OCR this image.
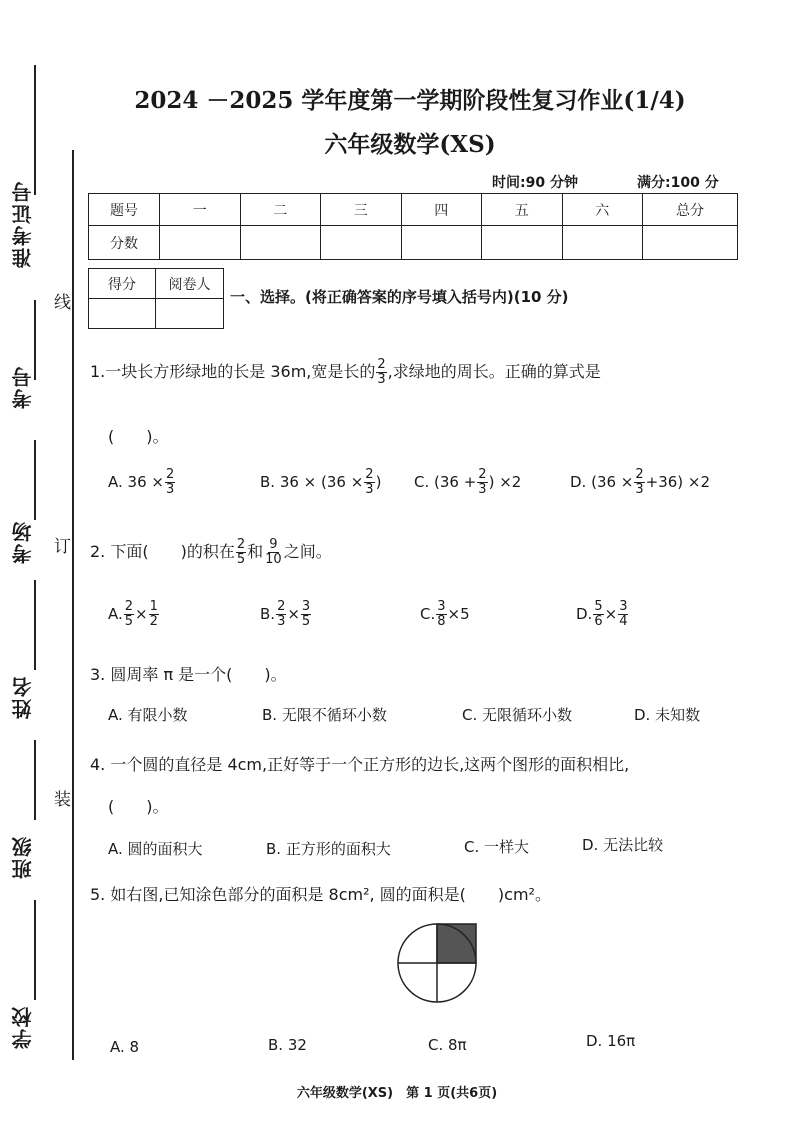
准考证号
考号
考场
姓名
班级
学校
线
订
装
2024 －2025 学年度第一学期阶段性复习作业(1/4)
六年级数学(XS)
时间:90 分钟	满分:100 分
题号	一	二	三	四	五	六	总分
分数							
得分	阅卷人

一、选择。(将正确答案的序号填入括号内)(10 分)
1.一块长方形绿地的长是 36m,宽是长的 $\frac{2}{3}$ ,求绿地的周长。正确的算式是
(　　)。
A. $36 \times \frac{2}{3}$	B. $36 \times (36 \times \frac{2}{3}$ ) C. ($36 + \frac{2}{3}$ ) ×2	D. $(36 \times \frac{2}{3} +36) \times 2$
2. 下面(　　)的积在 $\frac{2}{5}$ 和 $\frac{9}{10}$ 之间。
A. $\frac{2}{5} \times \frac{1}{2}$	B. $\frac{2}{3} \times \frac{3}{5}$	C. $\frac{3}{8} \times 5$	D. $\frac{5}{6} \times \frac{3}{4}$
3. 圆周率 π 是一个(　　)。
A. 有限小数	B. 无限不循环小数	C. 无限循环小数	D. 未知数
4. 一个圆的直径是 4cm,正好等于一个正方形的边长,这两个图形的面积相比,
(　　)。
A. 圆的面积大	B. 正方形的面积大	C. 一样大	D. 无法比较
5. 如右图,已知涂色部分的面积是 8cm², 圆的面积是(　　)cm²。
A. 8	B. 32	C. 8π	D. 16π
六年级数学(XS)　第 1 页(共6页)
